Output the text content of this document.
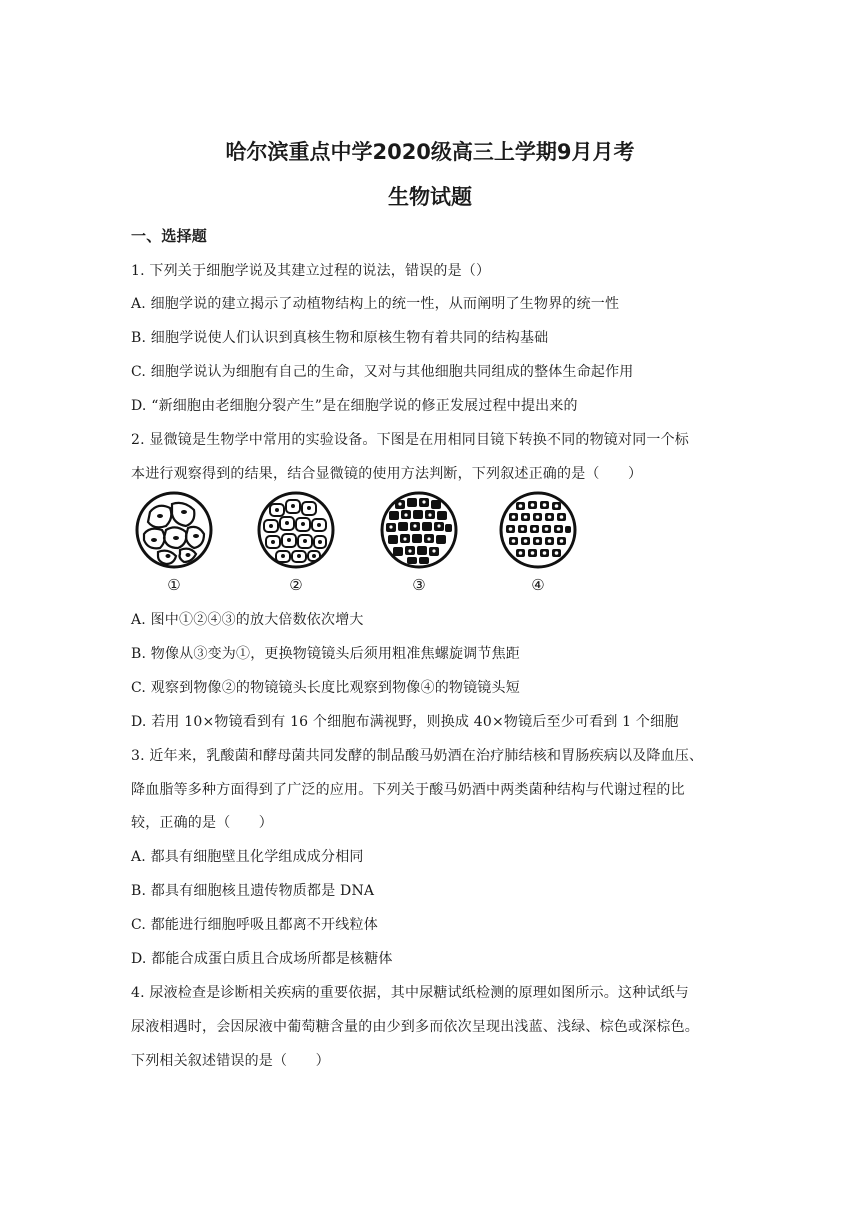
哈尔滨重点中学2020级高三上学期9月月考
生物试题
一、选择题
1. 下列关于细胞学说及其建立过程的说法，错误的是（）
A. 细胞学说的建立揭示了动植物结构上的统一性，从而阐明了生物界的统一性
B. 细胞学说使人们认识到真核生物和原核生物有着共同的结构基础
C. 细胞学说认为细胞有自己的生命，又对与其他细胞共同组成的整体生命起作用
D. “新细胞由老细胞分裂产生”是在细胞学说的修正发展过程中提出来的
2. 显微镜是生物学中常用的实验设备。下图是在用相同目镜下转换不同的物镜对同一个标
本进行观察得到的结果，结合显微镜的使用方法判断，下列叙述正确的是（　　）
①	②	③	④
A. 图中①②④③的放大倍数依次增大
B. 物像从③变为①，更换物镜镜头后须用粗准焦螺旋调节焦距
C. 观察到物像②的物镜镜头长度比观察到物像④的物镜镜头短
D. 若用 10×物镜看到有 16 个细胞布满视野，则换成 40×物镜后至少可看到 1 个细胞
3. 近年来，乳酸菌和酵母菌共同发酵的制品酸马奶酒在治疗肺结核和胃肠疾病以及降血压、
降血脂等多种方面得到了广泛的应用。下列关于酸马奶酒中两类菌种结构与代谢过程的比
较，正确的是（　　）
A. 都具有细胞壁且化学组成成分相同
B. 都具有细胞核且遗传物质都是 DNA
C. 都能进行细胞呼吸且都离不开线粒体
D. 都能合成蛋白质且合成场所都是核糖体
4. 尿液检查是诊断相关疾病的重要依据，其中尿糖试纸检测的原理如图所示。这种试纸与
尿液相遇时，会因尿液中葡萄糖含量的由少到多而依次呈现出浅蓝、浅绿、棕色或深棕色。
下列相关叙述错误的是（　　）
